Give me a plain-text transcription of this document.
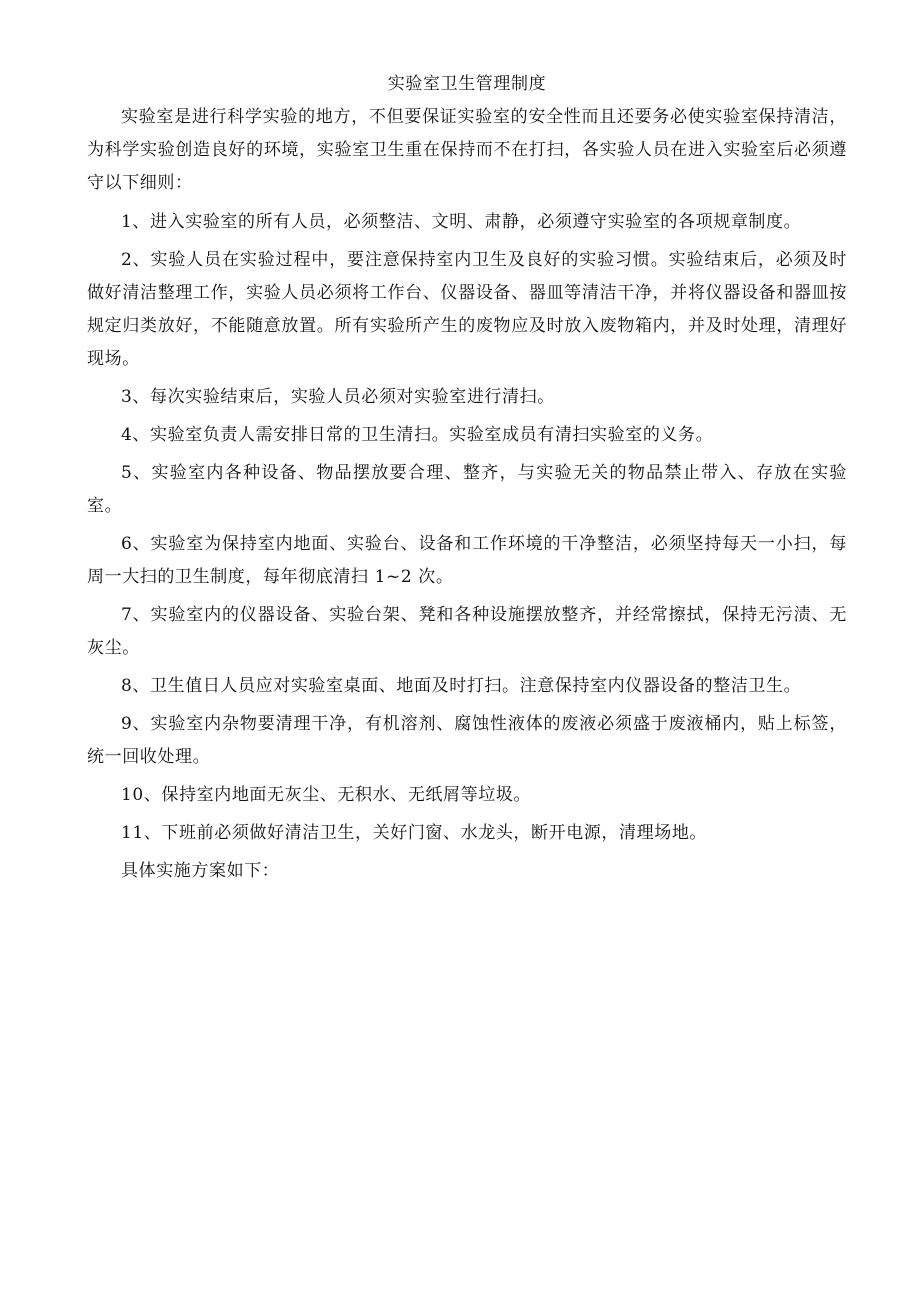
实验室卫生管理制度

实验室是进行科学实验的地方，不但要保证实验室的安全性而且还要务必使实验室保持清洁，为科学实验创造良好的环境，实验室卫生重在保持而不在打扫，各实验人员在进入实验室后必须遵守以下细则：

1、进入实验室的所有人员，必须整洁、文明、肃静，必须遵守实验室的各项规章制度。

2、实验人员在实验过程中，要注意保持室内卫生及良好的实验习惯。实验结束后，必须及时做好清洁整理工作，实验人员必须将工作台、仪器设备、器皿等清洁干净，并将仪器设备和器皿按规定归类放好，不能随意放置。所有实验所产生的废物应及时放入废物箱内，并及时处理，清理好现场。

3、每次实验结束后，实验人员必须对实验室进行清扫。

4、实验室负责人需安排日常的卫生清扫。实验室成员有清扫实验室的义务。

5、实验室内各种设备、物品摆放要合理、整齐，与实验无关的物品禁止带入、存放在实验室。

6、实验室为保持室内地面、实验台、设备和工作环境的干净整洁，必须坚持每天一小扫，每周一大扫的卫生制度，每年彻底清扫 1~2 次。

7、实验室内的仪器设备、实验台架、凳和各种设施摆放整齐，并经常擦拭，保持无污渍、无灰尘。

8、卫生值日人员应对实验室桌面、地面及时打扫。注意保持室内仪器设备的整洁卫生。

9、实验室内杂物要清理干净，有机溶剂、腐蚀性液体的废液必须盛于废液桶内，贴上标签，统一回收处理。

10、保持室内地面无灰尘、无积水、无纸屑等垃圾。

11、下班前必须做好清洁卫生，关好门窗、水龙头，断开电源，清理场地。

具体实施方案如下：
